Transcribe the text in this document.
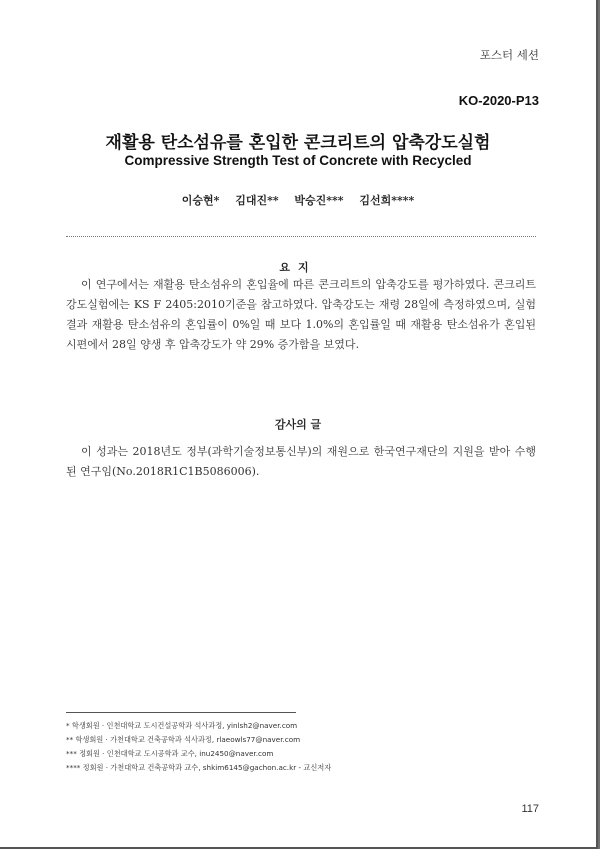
포스터 세션
KO-2020-P13
재활용 탄소섬유를 혼입한 콘크리트의 압축강도실험
Compressive Strength Test of Concrete with Recycled
이승현* 김대진** 박승진*** 김선희****
요지
이 연구에서는 재활용 탄소섬유의 혼입율에 따른 콘크리트의 압축강도를 평가하였다. 콘크리트 강도실험에는 KS F 2405:2010기준을 참고하였다. 압축강도는 재령 28일에 측정하였으며, 실험 결과 재활용 탄소섬유의 혼입률이 0%일 때 보다 1.0%의 혼입률일 때 재활용 탄소섬유가 혼입된 시편에서 28일 양생 후 압축강도가 약 29% 증가함을 보였다.
감사의 글
이 성과는 2018년도 정부(과학기술정보통신부)의 재원으로 한국연구재단의 지원을 받아 수행된 연구임(No.2018R1C1B5086006).
* 학생회원 · 인천대학교 도시건설공학과 석사과정, yinlsh2@naver.com
** 학생회원 · 가천대학교 건축공학과 석사과정, rlaeowls77@naver.com
*** 정회원 · 인천대학교 도시공학과 교수, inu2450@naver.com
**** 정회원 · 가천대학교 건축공학과 교수, shkim6145@gachon.ac.kr - 교신저자
117
